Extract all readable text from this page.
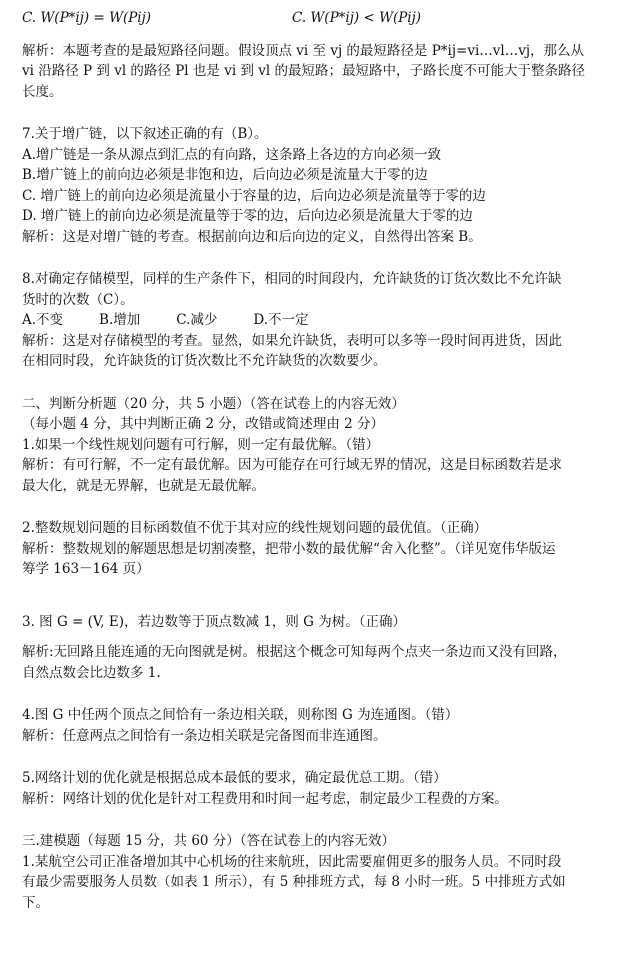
C. W(P*ij) = W(Pij)	C. W(P*ij) < W(Pij)
解析：本题考查的是最短路径问题。假设顶点 vi 至 vj 的最短路径是 P*ij=vi…vl…vj，那么从
vi 沿路径 P 到 vl 的路径 Pl 也是 vi 到 vl 的最短路；最短路中，子路长度不可能大于整条路径
长度。
7.关于增广链，以下叙述正确的有（B）。
A.增广链是一条从源点到汇点的有向路，这条路上各边的方向必须一致
B.增广链上的前向边必须是非饱和边，后向边必须是流量大于零的边
C. 增广链上的前向边必须是流量小于容量的边，后向边必须是流量等于零的边
D. 增广链上的前向边必须是流量等于零的边，后向边必须是流量大于零的边
解析：这是对增广链的考查。根据前向边和后向边的定义，自然得出答案 B。
8.对确定存储模型，同样的生产条件下，相同的时间段内，允许缺货的订货次数比不允许缺
货时的次数（C）。
A.不变	B.增加	C.减少	D.不一定
解析：这是对存储模型的考查。显然，如果允许缺货，表明可以多等一段时间再进货，因此
在相同时段，允许缺货的订货次数比不允许缺货的次数要少。
二、判断分析题（20 分，共 5 小题）（答在试卷上的内容无效）
（每小题 4 分，其中判断正确 2 分，改错或简述理由 2 分）
1.如果一个线性规划问题有可行解，则一定有最优解。（错）
解析：有可行解，不一定有最优解。因为可能存在可行域无界的情况，这是目标函数若是求
最大化，就是无界解，也就是无最优解。
2.整数规划问题的目标函数值不优于其对应的线性规划问题的最优值。（正确）
解析：整数规划的解题思想是切割凑整，把带小数的最优解“舍入化整”。（详见宽伟华版运
筹学 163－164 页）
3. 图 G = (V, E)，若边数等于顶点数减 1，则 G 为树。（正确）
解析:无回路且能连通的无向图就是树。根据这个概念可知每两个点夹一条边而又没有回路，
自然点数会比边数多 1.
4.图 G 中任两个顶点之间恰有一条边相关联，则称图 G 为连通图。（错）
解析：任意两点之间恰有一条边相关联是完备图而非连通图。
5.网络计划的优化就是根据总成本最低的要求，确定最优总工期。（错）
解析：网络计划的优化是针对工程费用和时间一起考虑，制定最少工程费的方案。
三.建模题（每题 15 分，共 60 分）（答在试卷上的内容无效）
1.某航空公司正准备增加其中心机场的往来航班，因此需要雇佣更多的服务人员。不同时段
有最少需要服务人员数（如表 1 所示），有 5 种排班方式，每 8 小时一班。5 中排班方式如
下。
